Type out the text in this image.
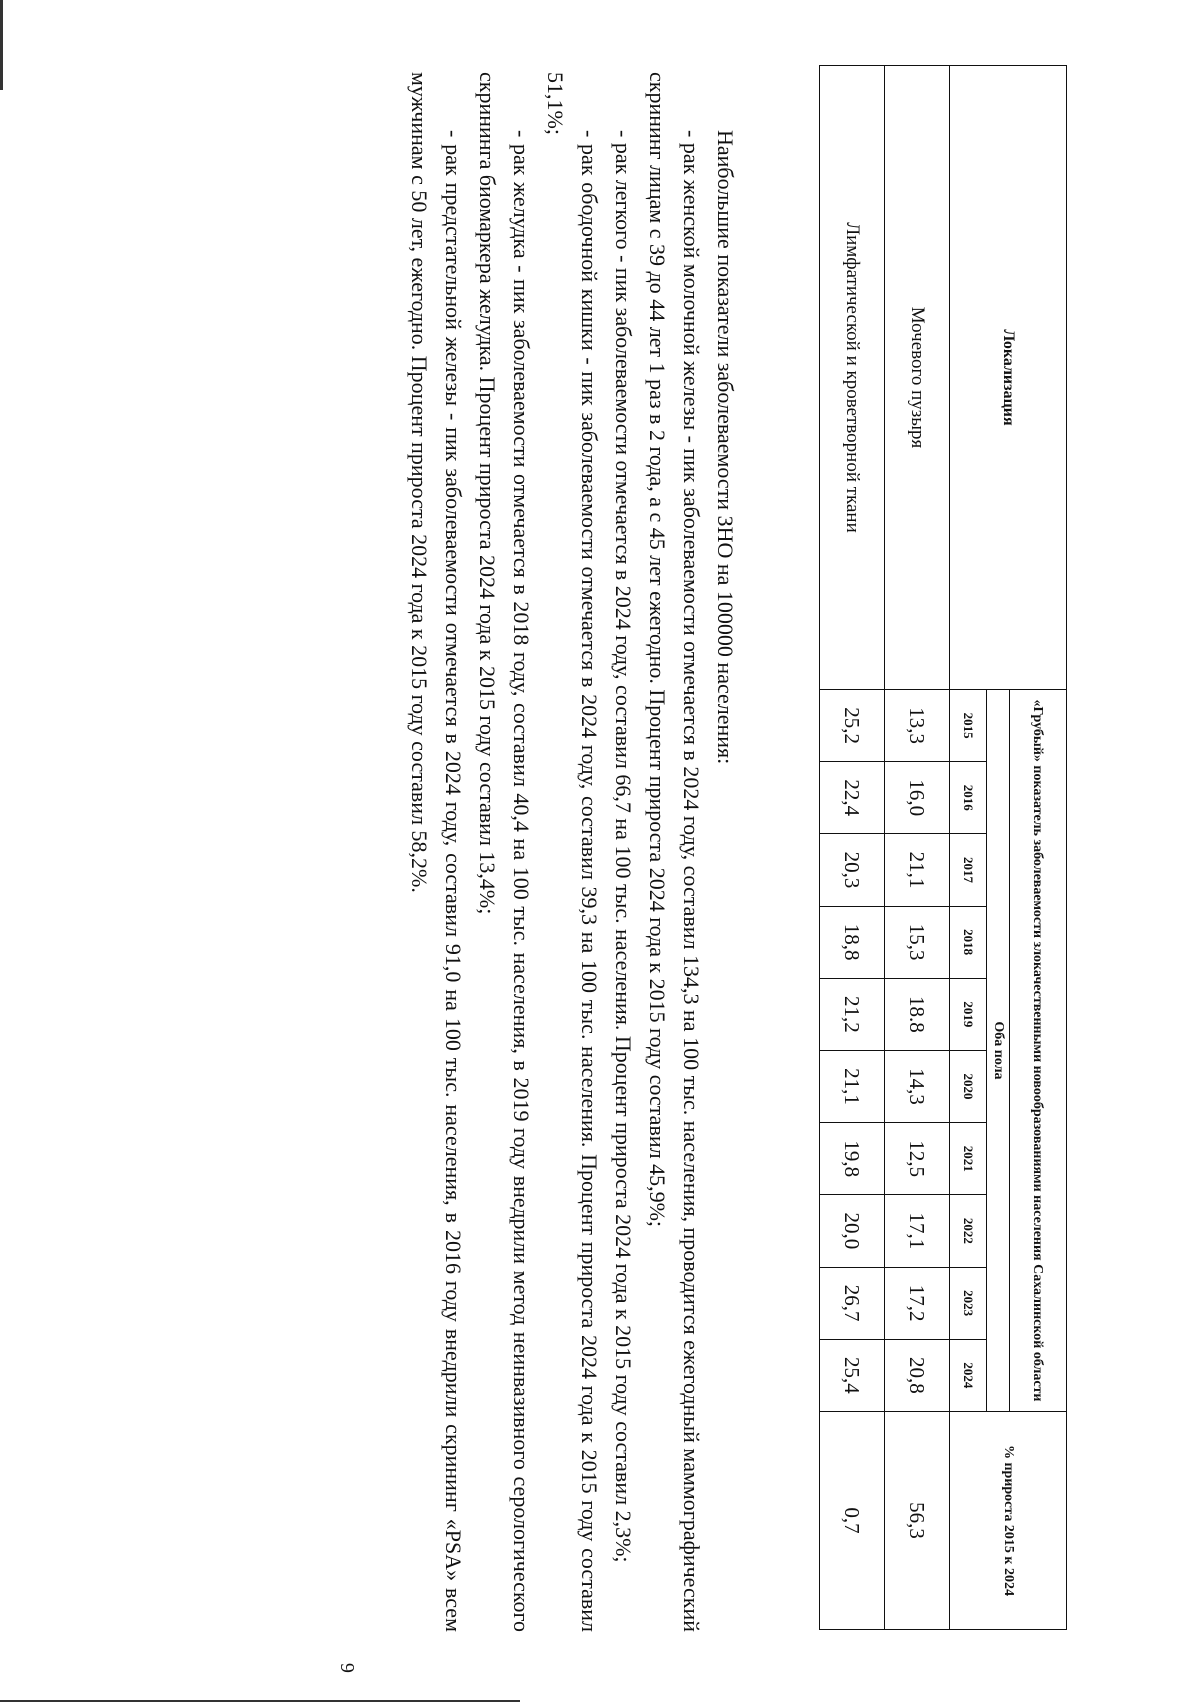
6
Локализация	«Грубый» показатель заболеваемости злокачественными новообразованиями населения Сахалинской области										% прироста 2015 к 2024
	Оба пола										
	2015	2016	2017	2018	2019	2020	2021	2022	2023	2024	
Мочевого пузыря	13,3	16,0	21,1	15,3	18.8	14,3	12,5	17,1	17,2	20,8	56,3
Лимфатической и кроветворной ткани	25,2	22,4	20,3	18,8	21,2	21,1	19,8	20,0	26,7	25,4	0,7

Наибольшие показатели заболеваемости ЗНО на 100000 населения:

- рак женской молочной железы - пик заболеваемости отмечается в 2024 году, составил 134,3 на 100 тыс. населения, проводится ежегодный маммографический скрининг лицам с 39 до 44 лет 1 раз в 2 года, а с 45 лет ежегодно. Процент прироста 2024 года к 2015 году составил 45,9%;

- рак легкого - пик заболеваемости отмечается в 2024 году, составил 66,7 на 100 тыс. населения. Процент прироста 2024 года к 2015 году составил 2,3%;

- рак ободочной кишки - пик заболеваемости отмечается в 2024 году, составил 39,3 на 100 тыс. населения. Процент прироста 2024 года к 2015 году составил 51,1%;

- рак желудка - пик заболеваемости отмечается в 2018 году, составил 40,4 на 100 тыс. населения, в 2019 году внедрили метод неинвазивного серологического скрининга биомаркера желудка. Процент прироста 2024 года к 2015 году составил 13,4%;

- рак предстательной железы - пик заболеваемости отмечается в 2024 году, составил 91,0 на 100 тыс. населения, в 2016 году внедрили скрининг «PSA» всем мужчинам с 50 лет, ежегодно. Процент прироста 2024 года к 2015 году составил 58,2%.
